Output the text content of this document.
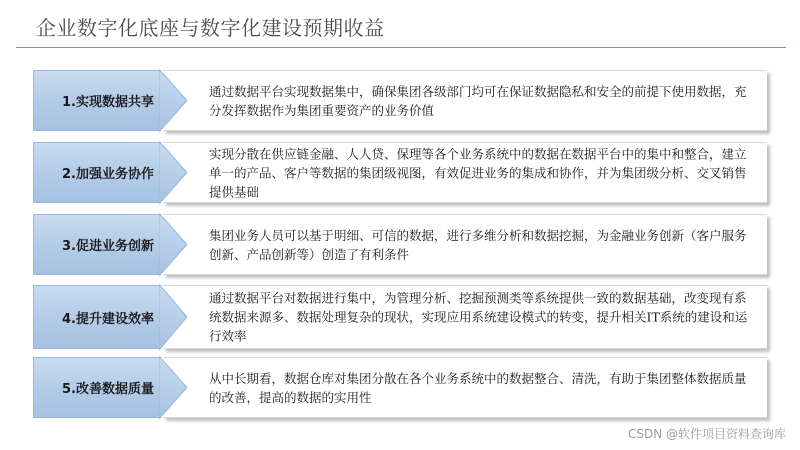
企业数字化底座与数字化建设预期收益
通过数据平台实现数据集中，确保集团各级部门均可在保证数据隐私和安全的前提下使用数据，充分发挥数据作为集团重要资产的业务价值
1.实现数据共享
实现分散在供应链金融、人人贷、保理等各个业务系统中的数据在数据平台中的集中和整合，建立单一的产品、客户等数据的集团级视图，有效促进业务的集成和协作，并为集团级分析、交叉销售提供基础
2.加强业务协作
集团业务人员可以基于明细、可信的数据，进行多维分析和数据挖掘，为金融业务创新（客户服务创新、产品创新等）创造了有利条件
3.促进业务创新
通过数据平台对数据进行集中，为管理分析、挖掘预测类等系统提供一致的数据基础，改变现有系统数据来源多、数据处理复杂的现状，实现应用系统建设模式的转变，提升相关IT系统的建设和运行效率
4.提升建设效率
从中长期看，数据仓库对集团分散在各个业务系统中的数据整合、清洗，有助于集团整体数据质量的改善，提高的数据的实用性
5.改善数据质量
CSDN @软件项目资料查询库
